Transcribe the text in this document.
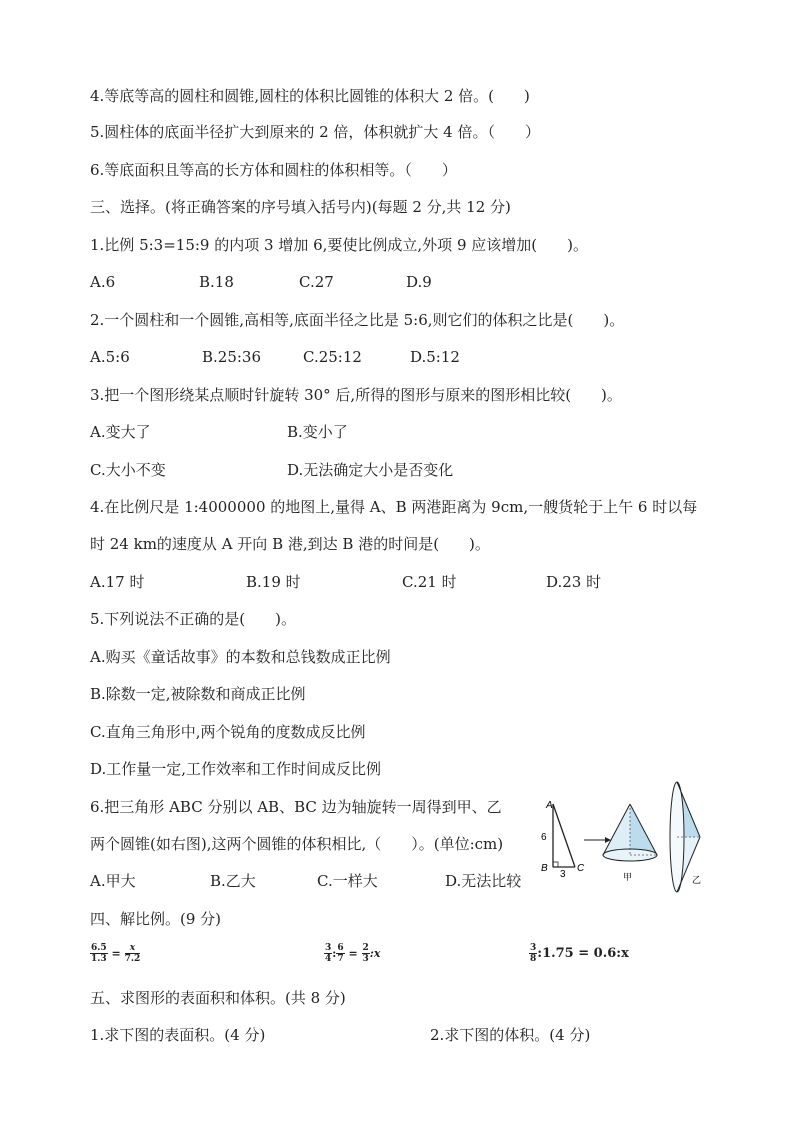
4.等底等高的圆柱和圆锥,圆柱的体积比圆锥的体积大 2 倍。(　　)
5.圆柱体的底面半径扩大到原来的 2 倍，体积就扩大 4 倍。（　　）
6.等底面积且等高的长方体和圆柱的体积相等。（　　）
三、选择。(将正确答案的序号填入括号内)(每题 2 分,共 12 分)
1.比例 5:3=15:9 的内项 3 增加 6,要使比例成立,外项 9 应该增加(　　)。
A.6	B.18	C.27	D.9
2.一个圆柱和一个圆锥,高相等,底面半径之比是 5:6,则它们的体积之比是(　　)。
A.5:6	B.25:36	C.25:12	D.5:12
3.把一个图形绕某点顺时针旋转 30° 后,所得的图形与原来的图形相比较(　　)。
A.变大了	B.变小了
C.大小不变	D.无法确定大小是否变化
4.在比例尺是 1:4000000 的地图上,量得 A、B 两港距离为 9cm,一艘货轮于上午 6 时以每
时 24 km的速度从 A 开向 B 港,到达 B 港的时间是(　　)。
A.17 时	B.19 时	C.21 时	D.23 时
5.下列说法不正确的是(　　)。
A.购买《童话故事》的本数和总钱数成正比例
B.除数一定,被除数和商成正比例
C.直角三角形中,两个锐角的度数成反比例
D.工作量一定,工作效率和工作时间成反比例
6.把三角形 ABC 分别以 AB、BC 边为轴旋转一周得到甲、乙
两个圆锥(如右图),这两个圆锥的体积相比,（　　）。(单位:cm)
A.甲大	B.乙大	C.一样大	D.无法比较
A
B	C
6
3	甲	乙
四、解比例。(9 分)
$\frac{6.5}{1.3} = \frac{x}{7.2}$	$\frac{3}{4}$ : $\frac{6}{7} = \frac{2}{3}$ :x	$\frac{3}{8}$ :1.75 = 0.6:x
五、求图形的表面积和体积。(共 8 分)
1.求下图的表面积。(4 分)	2.求下图的体积。(4 分)
